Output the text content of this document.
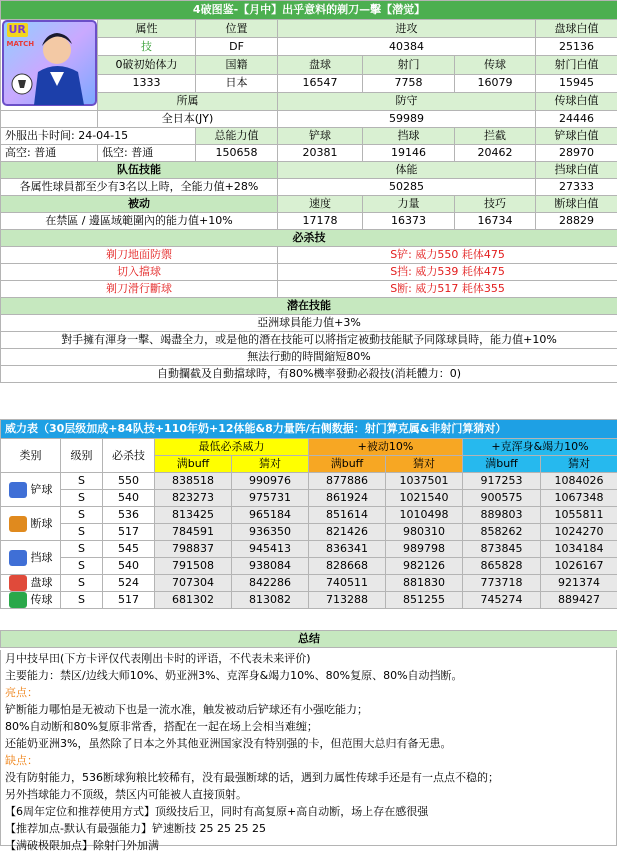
4破图鉴-【月中】出乎意料的剃刀—擊【潜觉】						

UR
MATCH	属性	位置	进攻			盘球白值
	技	DF	40384			25136
	0破初始体力	国籍	盘球	射门	传球	射门白值
	1333	日本	16547	7758	16079	15945
	所属		防守			传球白值
	全日本(JY)		59989			24446
外服出卡时间: 24-04-15		总能力值	铲球	挡球	拦截	铲球白值
高空: 普通	低空: 普通	150658	20381	19146	20462	28970
队伍技能			体能			挡球白值
各属性球員都至少有3名以上時，全能力值+28%			50285			27333
被动			速度	力量	技巧	断球白值
在禁區 / 邊區域範圍內的能力值+10%			17178	16373	16734	28829
必杀技						
剃刀地面防禦			S铲: 威力550 耗体475			
切入擋球			S挡: 威力539 耗体475			
剃刀滑行斷球			S断: 威力517 耗体355			
潜在技能						
亞洲球員能力值+3%						
對手擁有渾身一擊、竭盡全力，或是他的潛在技能可以將指定被動技能賦予同隊球員時，能力值+10%						
無法行動的時間縮短80%						
自動攔截及自動擋球時，有80%機率發動必殺技(消耗體力：0)						
威力表（30层级加成+84队技+110年奶+12体能&8力量阵/右侧数据：射门算克属&非射门算猜对）								
类别	级别	必杀技	最低必杀威力		+被动10%		+克浑身&竭力10%	
			满buff	猜对	满buff	猜对	满buff	猜对
铲球	S	550	838518	990976	877886	1037501	917253	1084026
	S	540	823273	975731	861924	1021540	900575	1067348
断球	S	536	813425	965184	851614	1010498	889803	1055811
	S	517	784591	936350	821426	980310	858262	1024270
挡球	S	545	798837	945413	836341	989798	873845	1034184
	S	540	791508	938084	828668	982126	865828	1026167
盘球	S	524	707304	842286	740511	881830	773718	921374
传球	S	517	681302	813082	713288	851255	745274	889427
总结
月中技早田(下方卡评仅代表刚出卡时的评语，不代表未来评价)
主要能力：禁区/边线大师10%、奶亚洲3%、克浑身&竭力10%、80%复原、80%自动挡断。
亮点：
铲断能力哪怕是无被动下也是一流水准，触发被动后铲球还有小强吃能力；
80%自动断和80%复原非常香，搭配在一起在场上会相当难缠；
还能奶亚洲3%，虽然除了日本之外其他亚洲国家没有特别强的卡，但范围大总归有备无患。
缺点：
没有防射能力，536断球狗粮比较稀有，没有最强断球的话，遇到力属性传球手还是有一点点不稳的；
另外挡球能力不顶级，禁区内可能被人直接顶射。
【6周年定位和推荐使用方式】顶级技后卫，同时有高复原+高自动断，场上存在感很强
【推荐加点-默认有最强能力】铲速断技 25 25 25 25
【满破极限加点】除射门外加满
